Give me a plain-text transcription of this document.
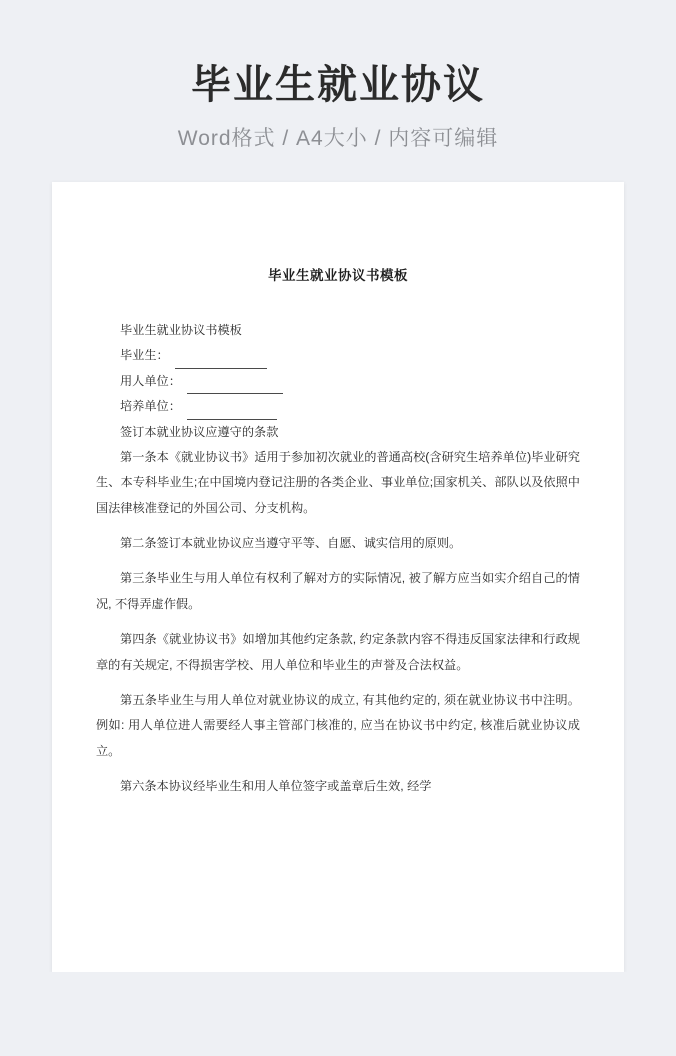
毕业生就业协议
Word格式 / A4大小 / 内容可编辑
毕业生就业协议书模板
毕业生就业协议书模板
毕业生：
用人单位：
培养单位：
签订本就业协议应遵守的条款

第一条本《就业协议书》适用于参加初次就业的普通高校(含研究生培养单位)毕业研究生、本专科毕业生;在中国境内登记注册的各类企业、事业单位;国家机关、部队以及依照中国法律核准登记的外国公司、分支机构。

第二条签订本就业协议应当遵守平等、自愿、诚实信用的原则。

第三条毕业生与用人单位有权利了解对方的实际情况, 被了解方应当如实介绍自己的情况, 不得弄虚作假。

第四条《就业协议书》如增加其他约定条款, 约定条款内容不得违反国家法律和行政规章的有关规定, 不得损害学校、用人单位和毕业生的声誉及合法权益。

第五条毕业生与用人单位对就业协议的成立, 有其他约定的, 须在就业协议书中注明。例如: 用人单位进人需要经人事主管部门核准的, 应当在协议书中约定, 核准后就业协议成立。

第六条本协议经毕业生和用人单位签字或盖章后生效, 经学
